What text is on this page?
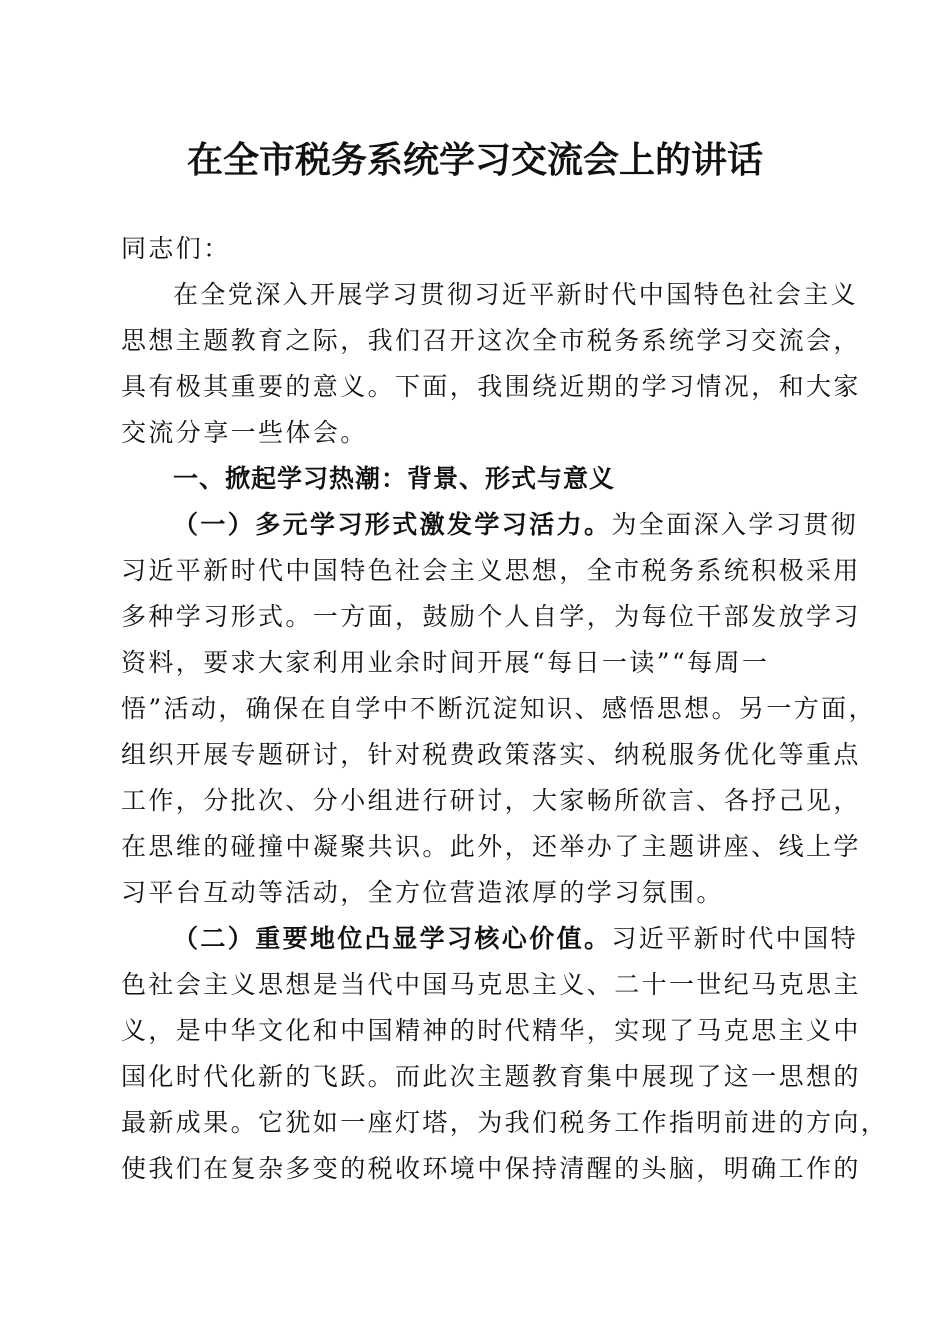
在全市税务系统学习交流会上的讲话
同志们：
在全党深入开展学习贯彻习近平新时代中国特色社会主义
思想主题教育之际，我们召开这次全市税务系统学习交流会，
具有极其重要的意义。下面，我围绕近期的学习情况，和大家
交流分享一些体会。
一、掀起学习热潮：背景、形式与意义
（一）多元学习形式激发学习活力。为全面深入学习贯彻
习近平新时代中国特色社会主义思想，全市税务系统积极采用
多种学习形式。一方面，鼓励个人自学，为每位干部发放学习
资料，要求大家利用业余时间开展“每日一读”“每周一
悟”活动，确保在自学中不断沉淀知识、感悟思想。另一方面，
组织开展专题研讨，针对税费政策落实、纳税服务优化等重点
工作，分批次、分小组进行研讨，大家畅所欲言、各抒己见，
在思维的碰撞中凝聚共识。此外，还举办了主题讲座、线上学
习平台互动等活动，全方位营造浓厚的学习氛围。
（二）重要地位凸显学习核心价值。习近平新时代中国特
色社会主义思想是当代中国马克思主义、二十一世纪马克思主
义，是中华文化和中国精神的时代精华，实现了马克思主义中
国化时代化新的飞跃。而此次主题教育集中展现了这一思想的
最新成果。它犹如一座灯塔，为我们税务工作指明前进的方向，
使我们在复杂多变的税收环境中保持清醒的头脑，明确工作的
